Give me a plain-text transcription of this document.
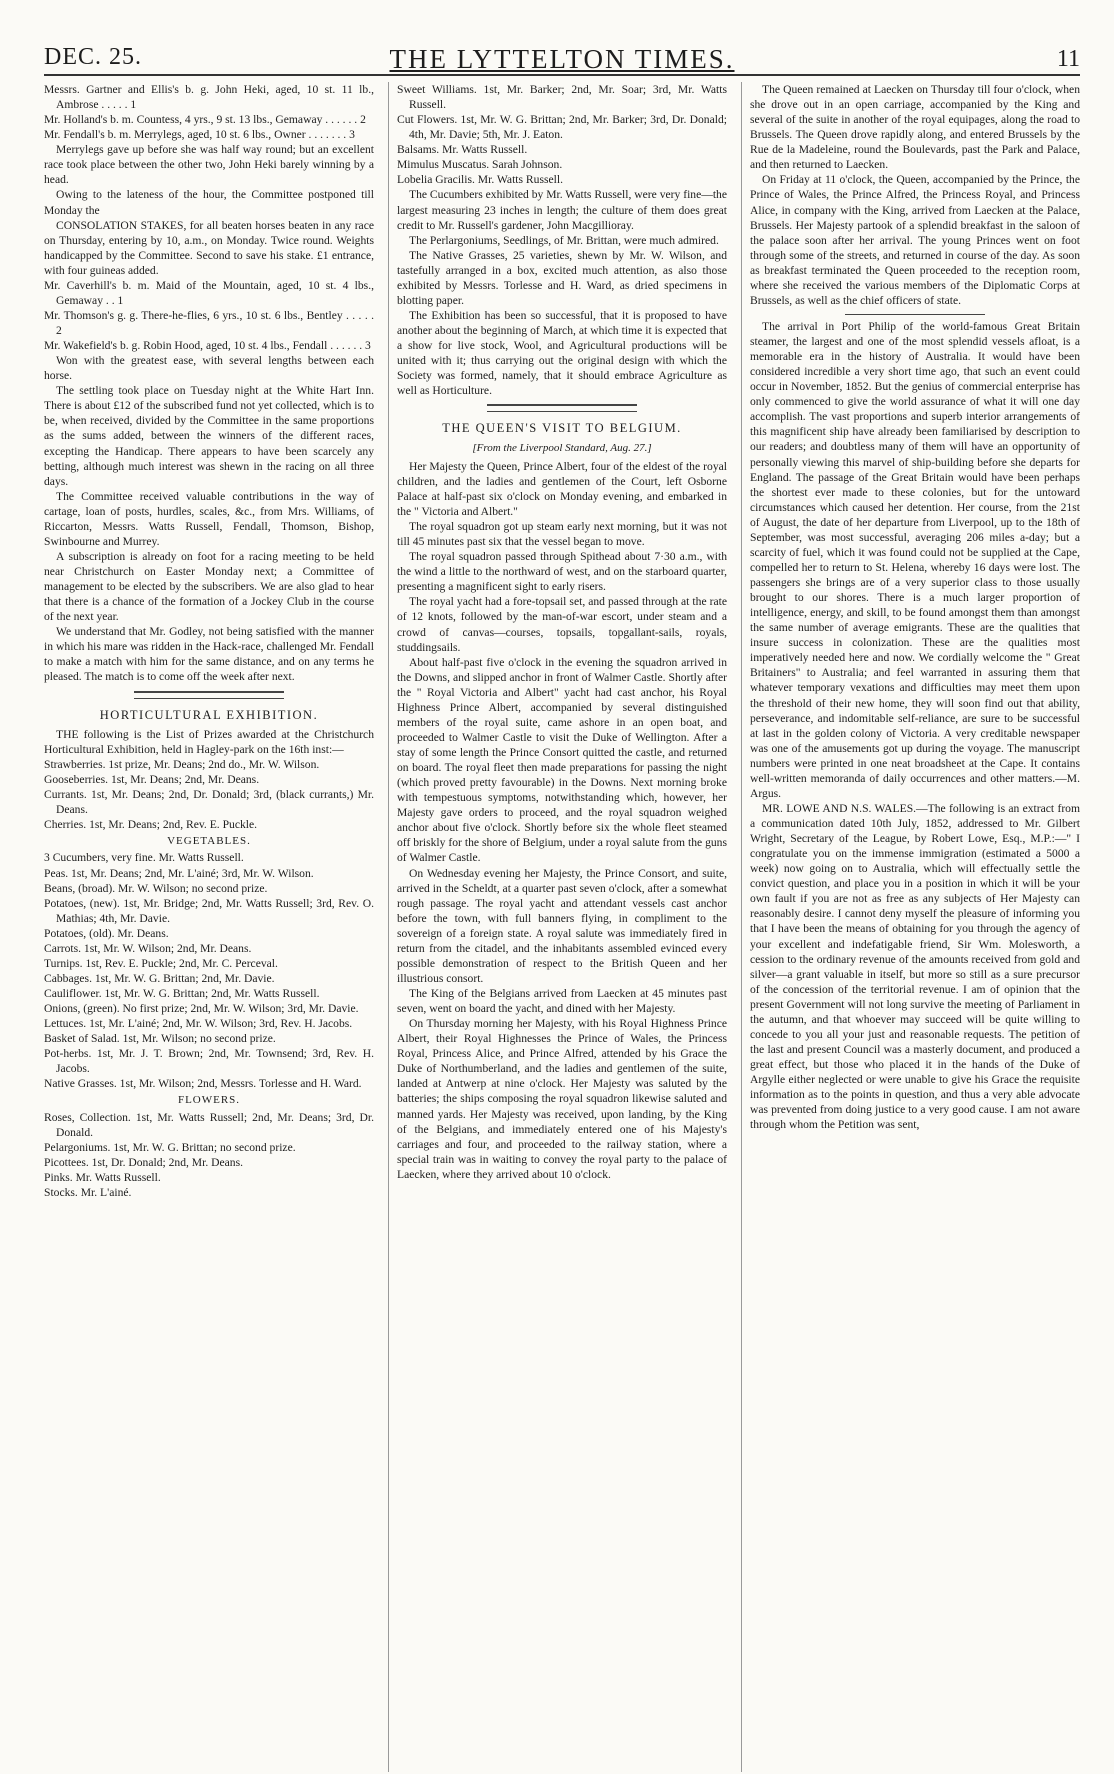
DEC. 25.	THE LYTTELTON TIMES.	11

Messrs. Gartner and Ellis's b. g. John Heki, aged, 10 st. 11 lb., Ambrose . . . . . 1

Mr. Holland's b. m. Countess, 4 yrs., 9 st. 13 lbs., Gemaway . . . . . . 2

Mr. Fendall's b. m. Merrylegs, aged, 10 st. 6 lbs., Owner . . . . . . . 3

Merrylegs gave up before she was half way round; but an excellent race took place between the other two, John Heki barely winning by a head.

Owing to the lateness of the hour, the Committee postponed till Monday the

CONSOLATION STAKES, for all beaten horses beaten in any race on Thursday, entering by 10, a.m., on Monday. Twice round. Weights handicapped by the Committee. Second to save his stake. £1 entrance, with four guineas added.

Mr. Caverhill's b. m. Maid of the Mountain, aged, 10 st. 4 lbs., Gemaway . . 1

Mr. Thomson's g. g. There-he-flies, 6 yrs., 10 st. 6 lbs., Bentley . . . . . 2

Mr. Wakefield's b. g. Robin Hood, aged, 10 st. 4 lbs., Fendall . . . . . . 3

Won with the greatest ease, with several lengths between each horse.

The settling took place on Tuesday night at the White Hart Inn. There is about £12 of the subscribed fund not yet collected, which is to be, when received, divided by the Committee in the same proportions as the sums added, between the winners of the different races, excepting the Handicap. There appears to have been scarcely any betting, although much interest was shewn in the racing on all three days.

The Committee received valuable contributions in the way of cartage, loan of posts, hurdles, scales, &c., from Mrs. Williams, of Riccarton, Messrs. Watts Russell, Fendall, Thomson, Bishop, Swinbourne and Murrey.

A subscription is already on foot for a racing meeting to be held near Christchurch on Easter Monday next; a Committee of management to be elected by the subscribers. We are also glad to hear that there is a chance of the formation of a Jockey Club in the course of the next year.

We understand that Mr. Godley, not being satisfied with the manner in which his mare was ridden in the Hack-race, challenged Mr. Fendall to make a match with him for the same distance, and on any terms he pleased. The match is to come off the week after next.

HORTICULTURAL EXHIBITION.

THE following is the List of Prizes awarded at the Christchurch Horticultural Exhibition, held in Hagley-park on the 16th inst:—

Strawberries. 1st prize, Mr. Deans; 2nd do., Mr. W. Wilson.

Gooseberries. 1st, Mr. Deans; 2nd, Mr. Deans.

Currants. 1st, Mr. Deans; 2nd, Dr. Donald; 3rd, (black currants,) Mr. Deans.

Cherries. 1st, Mr. Deans; 2nd, Rev. E. Puckle.

VEGETABLES.

3 Cucumbers, very fine. Mr. Watts Russell.

Peas. 1st, Mr. Deans; 2nd, Mr. L'ainé; 3rd, Mr. W. Wilson.

Beans, (broad). Mr. W. Wilson; no second prize.

Potatoes, (new). 1st, Mr. Bridge; 2nd, Mr. Watts Russell; 3rd, Rev. O. Mathias; 4th, Mr. Davie.

Potatoes, (old). Mr. Deans.

Carrots. 1st, Mr. W. Wilson; 2nd, Mr. Deans.

Turnips. 1st, Rev. E. Puckle; 2nd, Mr. C. Perceval.

Cabbages. 1st, Mr. W. G. Brittan; 2nd, Mr. Davie.

Cauliflower. 1st, Mr. W. G. Brittan; 2nd, Mr. Watts Russell.

Onions, (green). No first prize; 2nd, Mr. W. Wilson; 3rd, Mr. Davie.

Lettuces. 1st, Mr. L'ainé; 2nd, Mr. W. Wilson; 3rd, Rev. H. Jacobs.

Basket of Salad. 1st, Mr. Wilson; no second prize.

Pot-herbs. 1st, Mr. J. T. Brown; 2nd, Mr. Townsend; 3rd, Rev. H. Jacobs.

Native Grasses. 1st, Mr. Wilson; 2nd, Messrs. Torlesse and H. Ward.

FLOWERS.

Roses, Collection. 1st, Mr. Watts Russell; 2nd, Mr. Deans; 3rd, Dr. Donald.

Pelargoniums. 1st, Mr. W. G. Brittan; no second prize.

Picottees. 1st, Dr. Donald; 2nd, Mr. Deans.

Pinks. Mr. Watts Russell.

Stocks. Mr. L'ainé.

Sweet Williams. 1st, Mr. Barker; 2nd, Mr. Soar; 3rd, Mr. Watts Russell.

Cut Flowers. 1st, Mr. W. G. Brittan; 2nd, Mr. Barker; 3rd, Dr. Donald; 4th, Mr. Davie; 5th, Mr. J. Eaton.

Balsams. Mr. Watts Russell.

Mimulus Muscatus. Sarah Johnson.

Lobelia Gracilis. Mr. Watts Russell.

The Cucumbers exhibited by Mr. Watts Russell, were very fine—the largest measuring 23 inches in length; the culture of them does great credit to Mr. Russell's gardener, John Macgillioray.

The Perlargoniums, Seedlings, of Mr. Brittan, were much admired.

The Native Grasses, 25 varieties, shewn by Mr. W. Wilson, and tastefully arranged in a box, excited much attention, as also those exhibited by Messrs. Torlesse and H. Ward, as dried specimens in blotting paper.

The Exhibition has been so successful, that it is proposed to have another about the beginning of March, at which time it is expected that a show for live stock, Wool, and Agricultural productions will be united with it; thus carrying out the original design with which the Society was formed, namely, that it should embrace Agriculture as well as Horticulture.

THE QUEEN'S VISIT TO BELGIUM.
[From the Liverpool Standard, Aug. 27.]

Her Majesty the Queen, Prince Albert, four of the eldest of the royal children, and the ladies and gentlemen of the Court, left Osborne Palace at half-past six o'clock on Monday evening, and embarked in the " Victoria and Albert."

The royal squadron got up steam early next morning, but it was not till 45 minutes past six that the vessel began to move.

The royal squadron passed through Spithead about 7·30 a.m., with the wind a little to the northward of west, and on the starboard quarter, presenting a magnificent sight to early risers.

The royal yacht had a fore-topsail set, and passed through at the rate of 12 knots, followed by the man-of-war escort, under steam and a crowd of canvas—courses, topsails, topgallant-sails, royals, studdingsails.

About half-past five o'clock in the evening the squadron arrived in the Downs, and slipped anchor in front of Walmer Castle. Shortly after the " Royal Victoria and Albert" yacht had cast anchor, his Royal Highness Prince Albert, accompanied by several distinguished members of the royal suite, came ashore in an open boat, and proceeded to Walmer Castle to visit the Duke of Wellington. After a stay of some length the Prince Consort quitted the castle, and returned on board. The royal fleet then made preparations for passing the night (which proved pretty favourable) in the Downs. Next morning broke with tempestuous symptoms, notwithstanding which, however, her Majesty gave orders to proceed, and the royal squadron weighed anchor about five o'clock. Shortly before six the whole fleet steamed off briskly for the shore of Belgium, under a royal salute from the guns of Walmer Castle.

On Wednesday evening her Majesty, the Prince Consort, and suite, arrived in the Scheldt, at a quarter past seven o'clock, after a somewhat rough passage. The royal yacht and attendant vessels cast anchor before the town, with full banners flying, in compliment to the sovereign of a foreign state. A royal salute was immediately fired in return from the citadel, and the inhabitants assembled evinced every possible demonstration of respect to the British Queen and her illustrious consort.

The King of the Belgians arrived from Laecken at 45 minutes past seven, went on board the yacht, and dined with her Majesty.

On Thursday morning her Majesty, with his Royal Highness Prince Albert, their Royal Highnesses the Prince of Wales, the Princess Royal, Princess Alice, and Prince Alfred, attended by his Grace the Duke of Northumberland, and the ladies and gentlemen of the suite, landed at Antwerp at nine o'clock. Her Majesty was saluted by the batteries; the ships composing the royal squadron likewise saluted and manned yards. Her Majesty was received, upon landing, by the King of the Belgians, and immediately entered one of his Majesty's carriages and four, and proceeded to the railway station, where a special train was in waiting to convey the royal party to the palace of Laecken, where they arrived about 10 o'clock.

The Queen remained at Laecken on Thursday till four o'clock, when she drove out in an open carriage, accompanied by the King and several of the suite in another of the royal equipages, along the road to Brussels. The Queen drove rapidly along, and entered Brussels by the Rue de la Madeleine, round the Boulevards, past the Park and Palace, and then returned to Laecken.

On Friday at 11 o'clock, the Queen, accompanied by the Prince, the Prince of Wales, the Prince Alfred, the Princess Royal, and Princess Alice, in company with the King, arrived from Laecken at the Palace, Brussels. Her Majesty partook of a splendid breakfast in the saloon of the palace soon after her arrival. The young Princes went on foot through some of the streets, and returned in course of the day. As soon as breakfast terminated the Queen proceeded to the reception room, where she received the various members of the Diplomatic Corps at Brussels, as well as the chief officers of state.

The arrival in Port Philip of the world-famous Great Britain steamer, the largest and one of the most splendid vessels afloat, is a memorable era in the history of Australia. It would have been considered incredible a very short time ago, that such an event could occur in November, 1852. But the genius of commercial enterprise has only commenced to give the world assurance of what it will one day accomplish. The vast proportions and superb interior arrangements of this magnificent ship have already been familiarised by description to our readers; and doubtless many of them will have an opportunity of personally viewing this marvel of ship-building before she departs for England. The passage of the Great Britain would have been perhaps the shortest ever made to these colonies, but for the untoward circumstances which caused her detention. Her course, from the 21st of August, the date of her departure from Liverpool, up to the 18th of September, was most successful, averaging 206 miles a-day; but a scarcity of fuel, which it was found could not be supplied at the Cape, compelled her to return to St. Helena, whereby 16 days were lost. The passengers she brings are of a very superior class to those usually brought to our shores. There is a much larger proportion of intelligence, energy, and skill, to be found amongst them than amongst the same number of average emigrants. These are the qualities that insure success in colonization. These are the qualities most imperatively needed here and now. We cordially welcome the " Great Britainers" to Australia; and feel warranted in assuring them that whatever temporary vexations and difficulties may meet them upon the threshold of their new home, they will soon find out that ability, perseverance, and indomitable self-reliance, are sure to be successful at last in the golden colony of Victoria. A very creditable newspaper was one of the amusements got up during the voyage. The manuscript numbers were printed in one neat broadsheet at the Cape. It contains well-written memoranda of daily occurrences and other matters.—M. Argus.

MR. LOWE AND N.S. WALES.—The following is an extract from a communication dated 10th July, 1852, addressed to Mr. Gilbert Wright, Secretary of the League, by Robert Lowe, Esq., M.P.:—" I congratulate you on the immense immigration (estimated a 5000 a week) now going on to Australia, which will effectually settle the convict question, and place you in a position in which it will be your own fault if you are not as free as any subjects of Her Majesty can reasonably desire. I cannot deny myself the pleasure of informing you that I have been the means of obtaining for you through the agency of your excellent and indefatigable friend, Sir Wm. Molesworth, a cession to the ordinary revenue of the amounts received from gold and silver—a grant valuable in itself, but more so still as a sure precursor of the concession of the territorial revenue. I am of opinion that the present Government will not long survive the meeting of Parliament in the autumn, and that whoever may succeed will be quite willing to concede to you all your just and reasonable requests. The petition of the last and present Council was a masterly document, and produced a great effect, but those who placed it in the hands of the Duke of Argylle either neglected or were unable to give his Grace the requisite information as to the points in question, and thus a very able advocate was prevented from doing justice to a very good cause. I am not aware through whom the Petition was sent,
